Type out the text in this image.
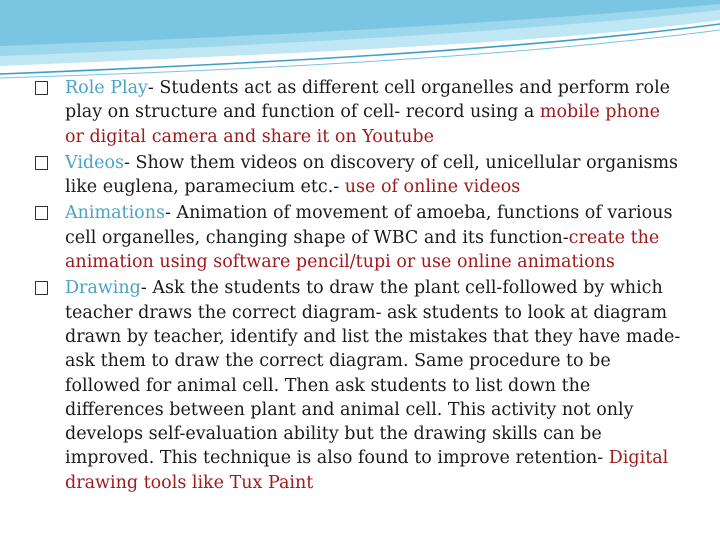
Role Play- Students act as different cell organelles and perform role play on structure and function of cell- record using a mobile phone or digital camera and share it on Youtube
Videos- Show them videos on discovery of cell, unicellular organisms like euglena, paramecium etc.- use of online videos
Animations- Animation of movement of amoeba, functions of various cell organelles, changing shape of WBC and its function-create the animation using software pencil/tupi or use online animations
Drawing- Ask the students to draw the plant cell-followed by which teacher draws the correct diagram- ask students to look at diagram drawn by teacher, identify and list the mistakes that they have made- ask them to draw the correct diagram. Same procedure to be followed for animal cell. Then ask students to list down the differences between plant and animal cell. This activity not only develops self-evaluation ability but the drawing skills can be improved. This technique is also found to improve retention- Digital drawing tools like Tux Paint
